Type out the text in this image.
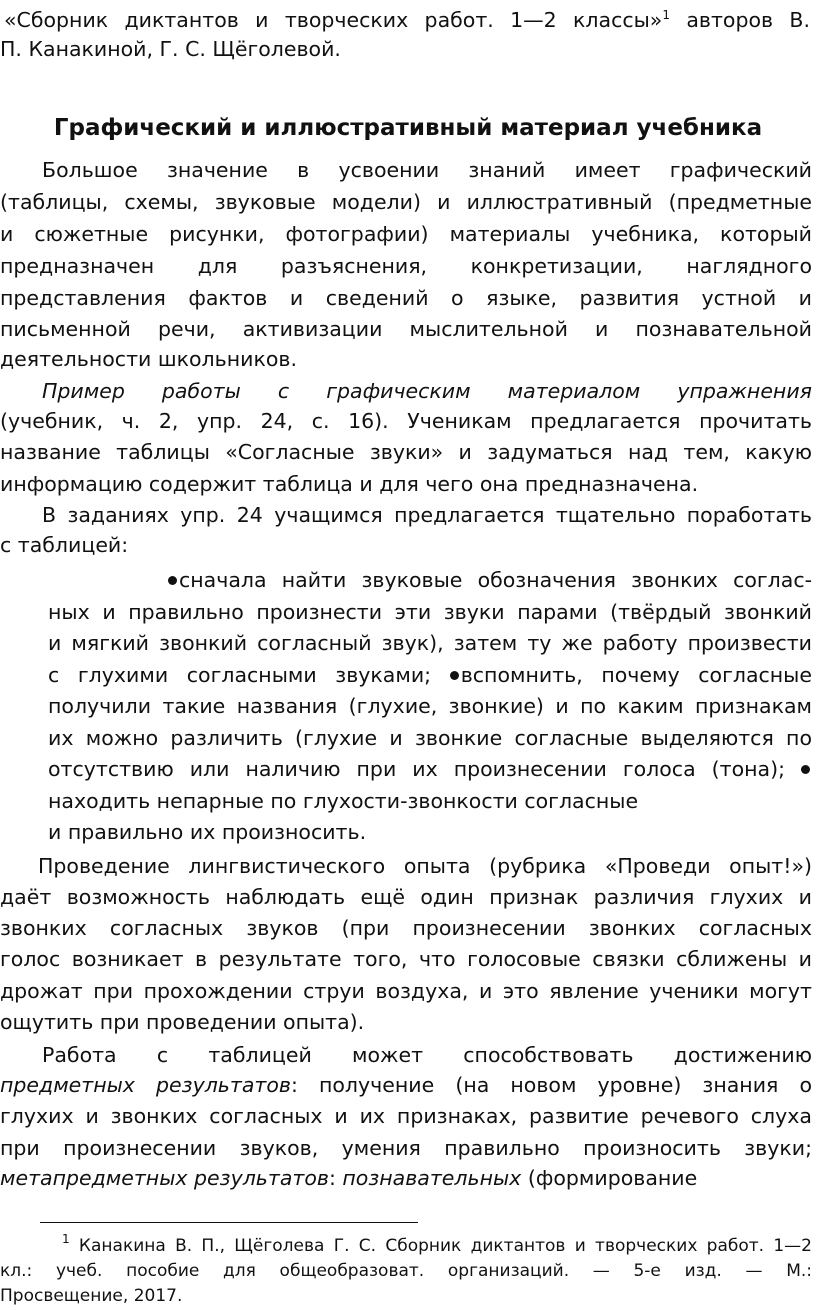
«Сборник диктантов и творческих работ. 1—2 классы»$^1$ авторов В.
П. Канакиной, Г. С. Щёголевой.
Графический и иллюстративный материал учебника
Большое значение в усвоении знаний имеет графический
(таблицы, схемы, звуковые модели) и иллюстративный (предметные
и сюжетные рисунки, фотографии) материалы учебника, который
предназначен для разъяснения, конкретизации, наглядного
представления фактов и сведений о языке, развития устной и
письменной речи, активизации мыслительной и познавательной
деятельности школьников.
Пример работы с графическим материалом упражнения
(учебник, ч. 2, упр. 24, с. 16). Ученикам предлагается прочитать
название таблицы «Согласные звуки» и задуматься над тем, какую
информацию содержит таблица и для чего она предназначена.
В заданиях упр. 24 учащимся предлагается тщательно поработать
с таблицей:
сначала найти звуковые обозначения звонких соглас-
ных и правильно произнести эти звуки парами (твёрдый звонкий
и мягкий звонкий согласный звук), затем ту же работу произвести
с глухими согласными звуками; вспомнить, почему согласные
получили такие названия (глухие, звонкие) и по каким признакам
их можно различить (глухие и звонкие согласные выделяются по
отсутствию или наличию при их произнесении голоса (тона);
находить непарные по глухости-звонкости согласные
и правильно их произносить.
Проведение лингвистического опыта (рубрика «Проведи опыт!»)
даёт возможность наблюдать ещё один признак различия глухих и
звонких согласных звуков (при произнесении звонких согласных
голос возникает в результате того, что голосовые связки сближены и
дрожат при прохождении струи воздуха, и это явление ученики могут
ощутить при проведении опыта).
Работа с таблицей может способствовать достижению
предметных результатов: получение (на новом уровне) знания о
глухих и звонких согласных и их признаках, развитие речевого слуха
при произнесении звуков, умения правильно произносить звуки;
метапредметных результатов: познавательных (формирование
$^1$ Канакина В. П., Щёголева Г. С. Сборник диктантов и творческих работ. 1—2
кл.: учеб. пособие для общеобразоват. организаций. — 5-е изд. — М.:
Просвещение, 2017.
